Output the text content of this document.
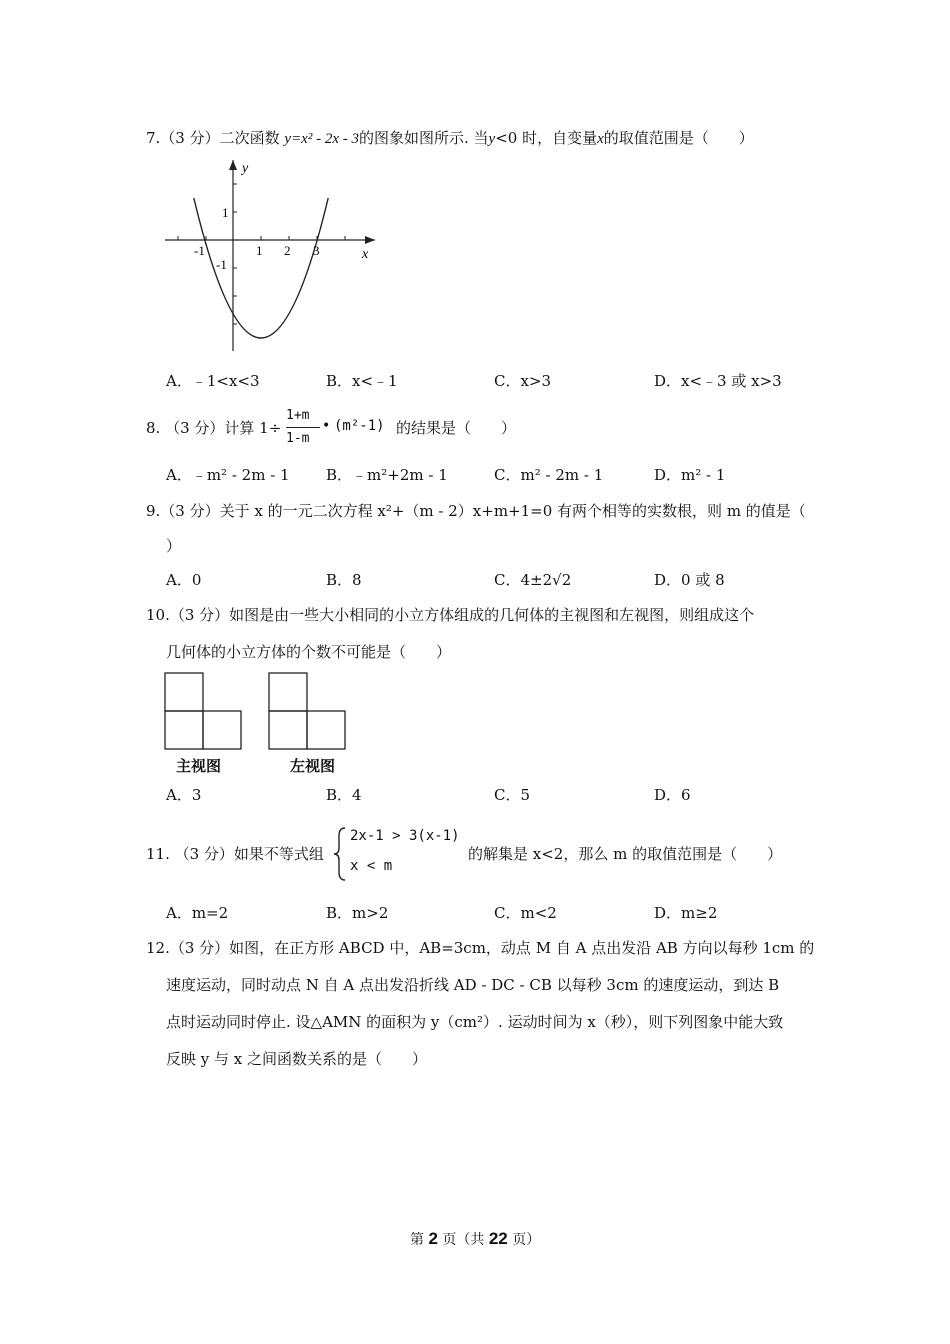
7.（3 分）二次函数 y=x² - 2x - 3的图象如图所示. 当y<0 时，自变量x的取值范围是（　　）
y
x
-1	1 2 3
1
-1
A．﹣1<x<3	B．x<﹣1	C．x>3	D．x<﹣3 或 x>3
8. （3 分）计算 1÷
1+m
1-m
• (m²-1) 的结果是（　　）
A．﹣m² - 2m - 1 B．﹣m²+2m - 1	C．m² - 2m - 1	D．m² - 1
9.（3 分）关于 x 的一元二次方程 x²+（m - 2）x+m+1=0 有两个相等的实数根，则 m 的值是（
）
A．0	B．8	C．4±2√2	D．0 或 8
10.（3 分）如图是由一些大小相同的小立方体组成的几何体的主视图和左视图，则组成这个
几何体的小立方体的个数不可能是（　　）
主视图	左视图
A．3	B．4	C．5	D．6
11. （3 分）如果不等式组
2x-1 > 3(x-1)
x < m
的解集是 x<2，那么 m 的取值范围是（　　）
A．m=2	B．m>2	C．m<2	D．m≥2
12.（3 分）如图，在正方形 ABCD 中，AB=3cm，动点 M 自 A 点出发沿 AB 方向以每秒 1cm 的
速度运动，同时动点 N 自 A 点出发沿折线 AD - DC - CB 以每秒 3cm 的速度运动，到达 B
点时运动同时停止. 设△AMN 的面积为 y（cm²）. 运动时间为 x（秒），则下列图象中能大致
反映 y 与 x 之间函数关系的是（　　）
第 2 页（共 22 页）
